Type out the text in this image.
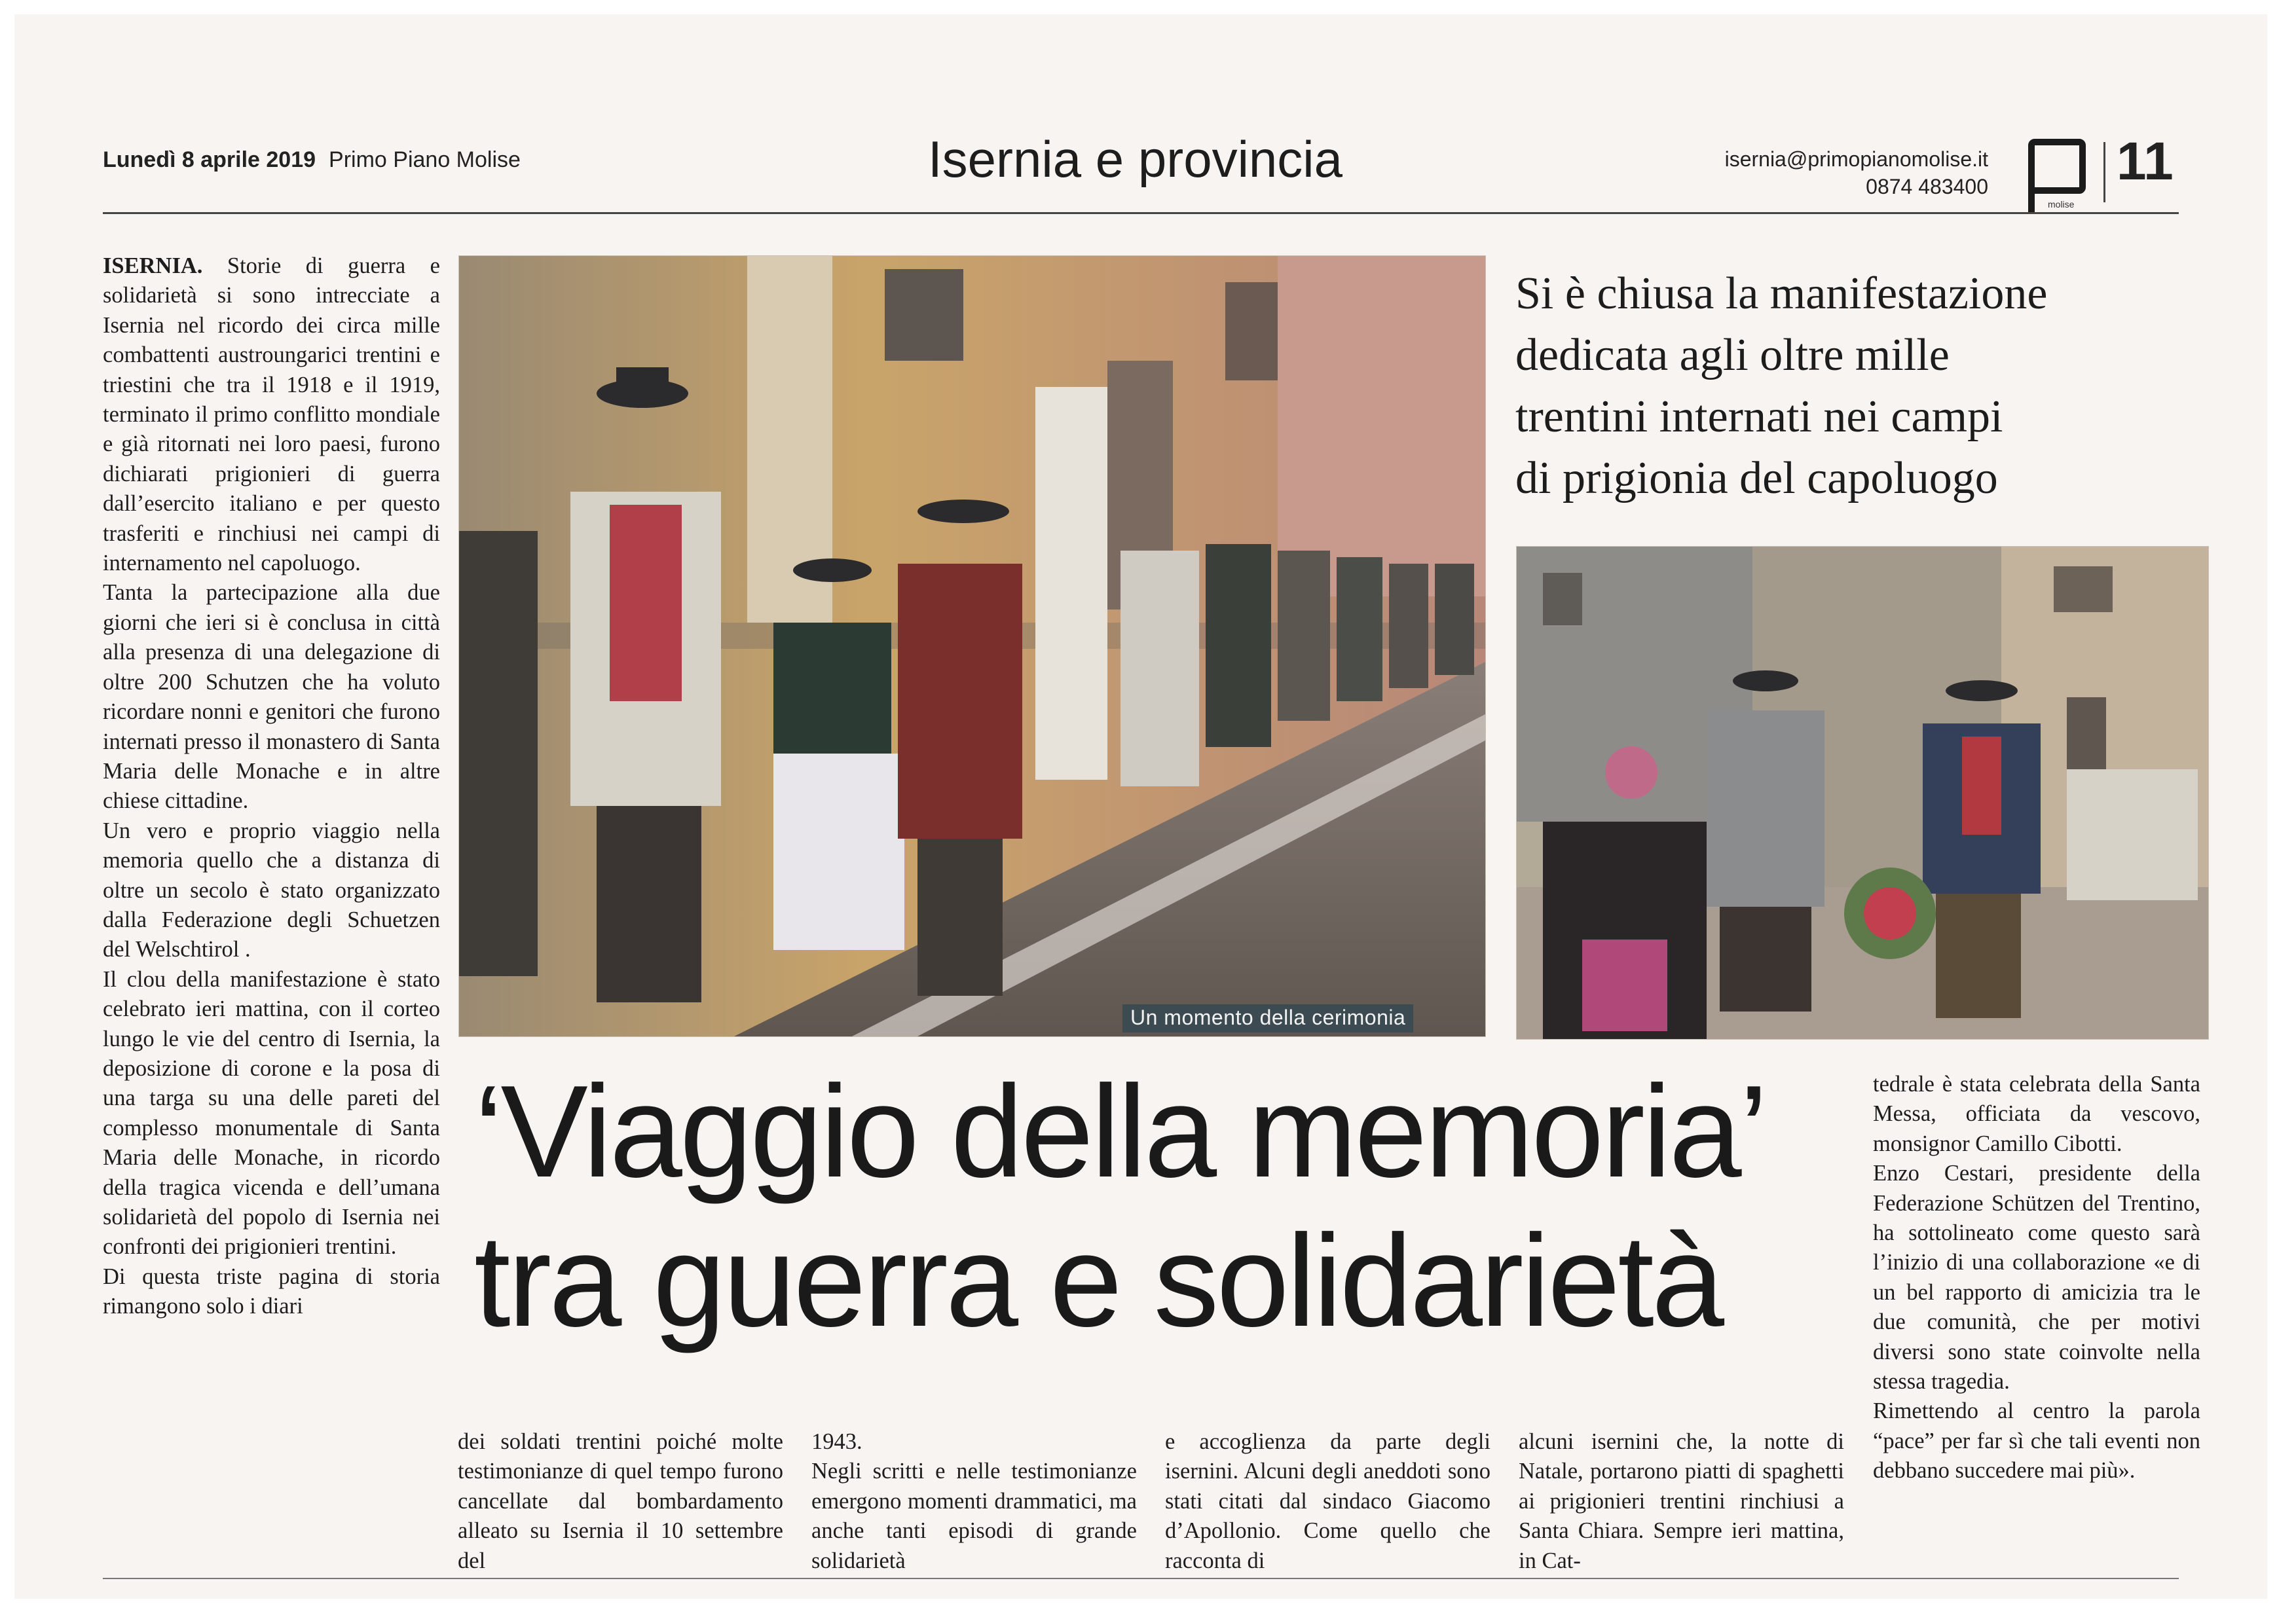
Lunedì 8 aprile 2019 Primo Piano Molise	Isernia e provincia	isernia@primopianomolise.it
0874 483400
molise
11

ISERNIA. Storie di guerra e solidarietà si sono intrecciate a Isernia nel ricordo dei circa mille combattenti austroungarici trentini e triestini che tra il 1918 e il 1919, terminato il primo conflitto mondiale e già ritornati nei loro paesi, furono dichiarati prigionieri di guerra dall’esercito italiano e per questo trasferiti e rinchiusi nei campi di internamento nel capoluogo.

Tanta la partecipazione alla due giorni che ieri si è conclusa in città alla presenza di una delegazione di oltre 200 Schutzen che ha voluto ricordare nonni e genitori che furono internati presso il monastero di Santa Maria delle Monache e in altre chiese cittadine.

Un vero e proprio viaggio nella memoria quello che a distanza di oltre un secolo è stato organizzato dalla Federazione degli Schuetzen del Welschtirol .

Il clou della manifestazione è stato celebrato ieri mattina, con il corteo lungo le vie del centro di Isernia, la deposizione di corone e la posa di una targa su una delle pareti del complesso monumentale di Santa Maria delle Monache, in ricordo della tragica vicenda e dell’umana solidarietà del popolo di Isernia nei confronti dei prigionieri trentini.

Di questa triste pagina di storia rimangono solo i diari

Un momento della cerimonia
Si è chiusa la manifestazione
dedicata agli oltre mille
trentini internati nei campi
di prigionia del capoluogo
‘Viaggio della memoria’
tra guerra e solidarietà

dei soldati trentini poiché molte testimonianze di quel tempo furono cancellate dal bombardamento alleato su Isernia il 10 settembre del

1943.

Negli scritti e nelle testimonianze emergono momenti drammatici, ma anche tanti episodi di grande solidarietà

e accoglienza da parte degli isernini. Alcuni degli aneddoti sono stati citati dal sindaco Giacomo d’Apollonio. Come quello che racconta di

alcuni isernini che, la notte di Natale, portarono piatti di spaghetti ai prigionieri trentini rinchiusi a Santa Chiara. Sempre ieri mattina, in Cat-

tedrale è stata celebrata della Santa Messa, officiata da vescovo, monsignor Camillo Cibotti.

Enzo Cestari, presidente della Federazione Schützen del Trentino, ha sottolineato come questo sarà l’inizio di una collaborazione «e di un bel rapporto di amicizia tra le due comunità, che per motivi diversi sono state coinvolte nella stessa tragedia.

Rimettendo al centro la parola “pace” per far sì che tali eventi non debbano succedere mai più».
